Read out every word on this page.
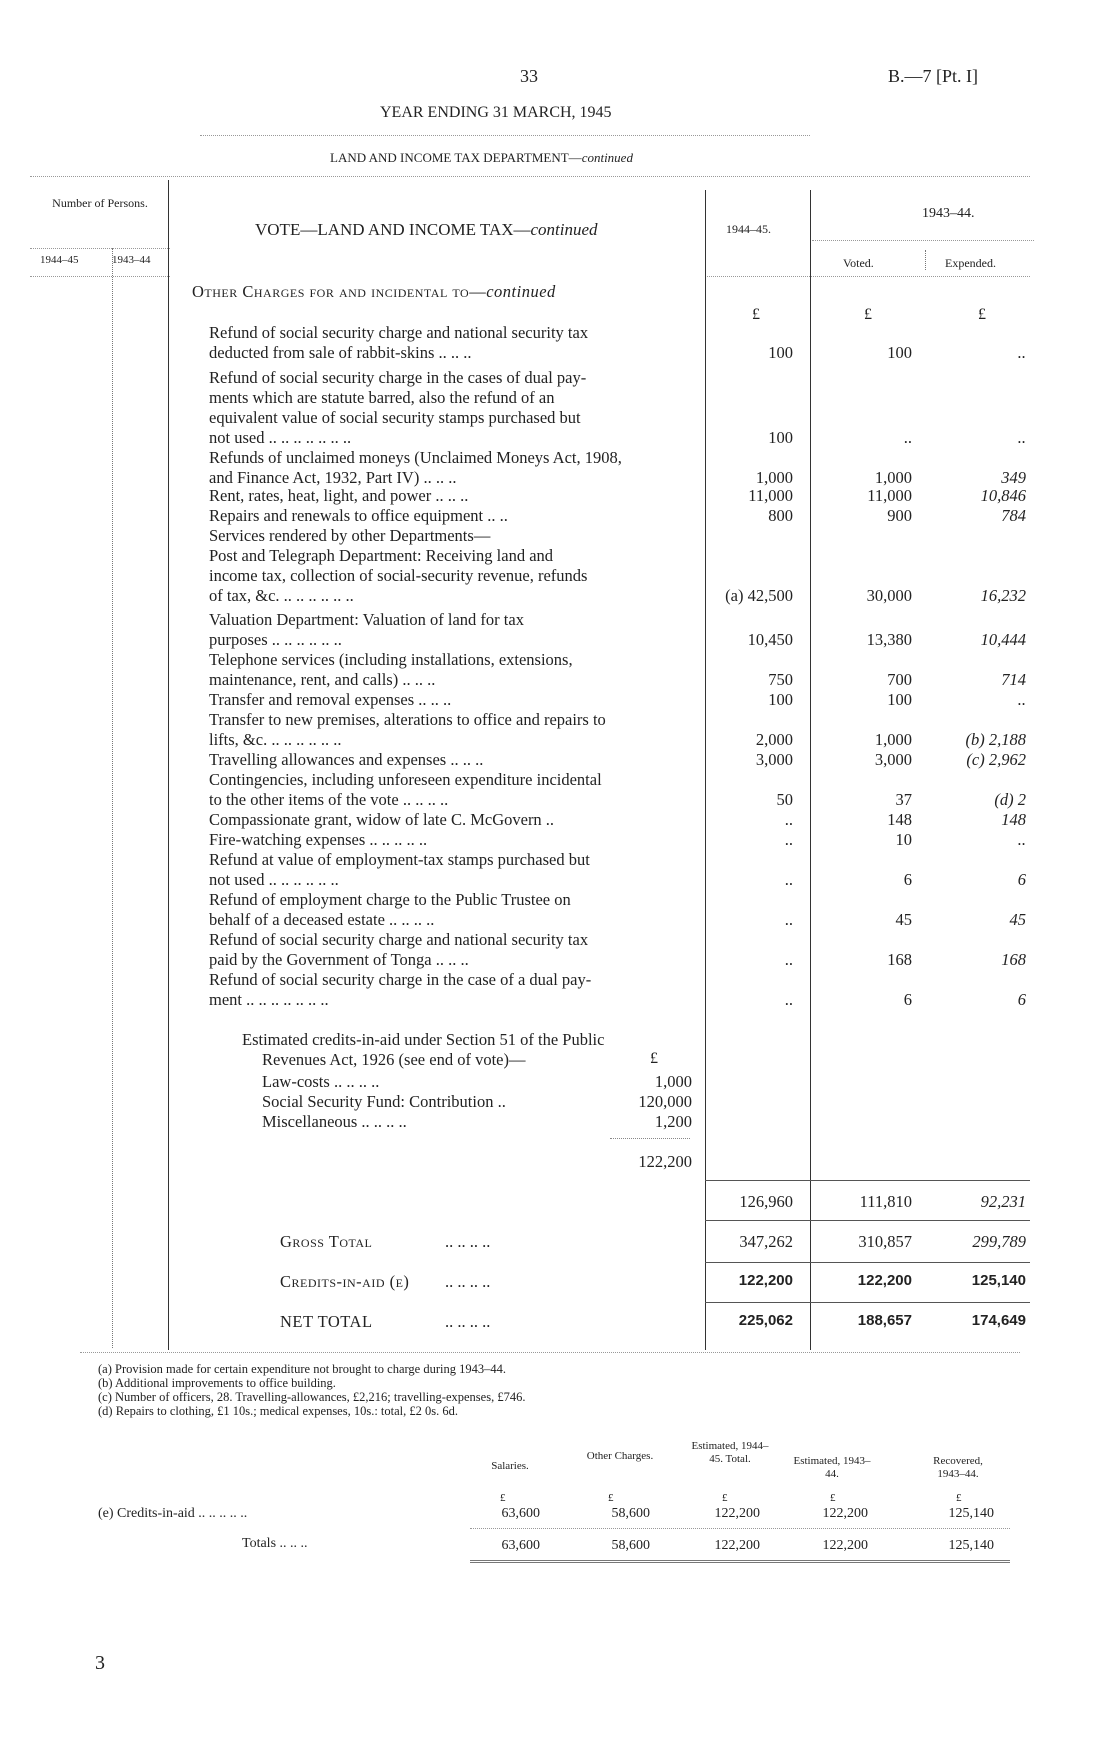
33	B.—7 [Pt. I]
YEAR ENDING 31 MARCH, 1945
LAND AND INCOME TAX DEPARTMENT—continued
Number of Persons.
1944–45	1943–44
VOTE—LAND AND INCOME TAX—continued	1944–45.
1943–44.
Voted.	Expended.
Other Charges for and incidental to—continued
£	£	£
Refund of social security charge and national security tax
deducted from sale of rabbit-skins .. .. ..	100	100	..
Refund of social security charge in the cases of dual pay-
ments which are statute barred, also the refund of an
equivalent value of social security stamps purchased but
not used .. .. .. .. .. .. ..	100	..	..
Refunds of unclaimed moneys (Unclaimed Moneys Act, 1908,
and Finance Act, 1932, Part IV) .. .. ..	1,000	1,000	349
Rent, rates, heat, light, and power .. .. ..	11,000	11,000	10,846
Repairs and renewals to office equipment .. ..	800	900	784
Services rendered by other Departments—
Post and Telegraph Department: Receiving land and
income tax, collection of social-security revenue, refunds
of tax, &c. .. .. .. .. .. ..	(a) 42,500	30,000	16,232
Valuation Department: Valuation of land for tax
purposes .. .. .. .. .. ..	10,450	13,380	10,444
Telephone services (including installations, extensions,
maintenance, rent, and calls) .. .. ..	750	700	714
Transfer and removal expenses .. .. ..	100	100	..
Transfer to new premises, alterations to office and repairs to
lifts, &c. .. .. .. .. .. ..	2,000	1,000	(b) 2,188
Travelling allowances and expenses .. .. ..	3,000	3,000	(c) 2,962
Contingencies, including unforeseen expenditure incidental
to the other items of the vote .. .. .. ..	50	37	(d) 2
Compassionate grant, widow of late C. McGovern ..	..	148	148
Fire-watching expenses .. .. .. .. ..	..	10	..
Refund at value of employment-tax stamps purchased but
not used .. .. .. .. .. ..	..	6	6
Refund of employment charge to the Public Trustee on
behalf of a deceased estate .. .. .. ..	..	45	45
Refund of social security charge and national security tax
paid by the Government of Tonga .. .. ..	..	168	168
Refund of social security charge in the case of a dual pay-
ment .. .. .. .. .. .. ..	..	6	6
Estimated credits-in-aid under Section 51 of the Public
Revenues Act, 1926 (see end of vote)—	£
Law-costs .. .. .. ..	1,000
Social Security Fund: Contribution ..	120,000
Miscellaneous .. .. .. ..	1,200
122,200
126,960	111,810	92,231
Gross Total	.. .. .. ..	347,262	310,857	299,789
Credits-in-aid (e) .. .. .. ..	122,200	122,200	125,140
NET TOTAL	.. .. .. ..	225,062	188,657	174,649
(a) Provision made for certain expenditure not brought to charge during 1943–44.
(b) Additional improvements to office building.
(c) Number of officers, 28. Travelling-allowances, £2,216; travelling-expenses, £746.
(d) Repairs to clothing, £1 10s.; medical expenses, 10s.: total, £2 0s. 6d.
Salaries.
Other Charges.
Estimated, 1944–45. Total.	Estimated, 1943–44.
Recovered, 1943–44.
£	£	£	£	£
(e) Credits-in-aid .. .. .. .. ..	63,600	58,600	122,200	122,200	125,140
Totals .. .. ..	63,600	58,600	122,200	122,200	125,140
3
